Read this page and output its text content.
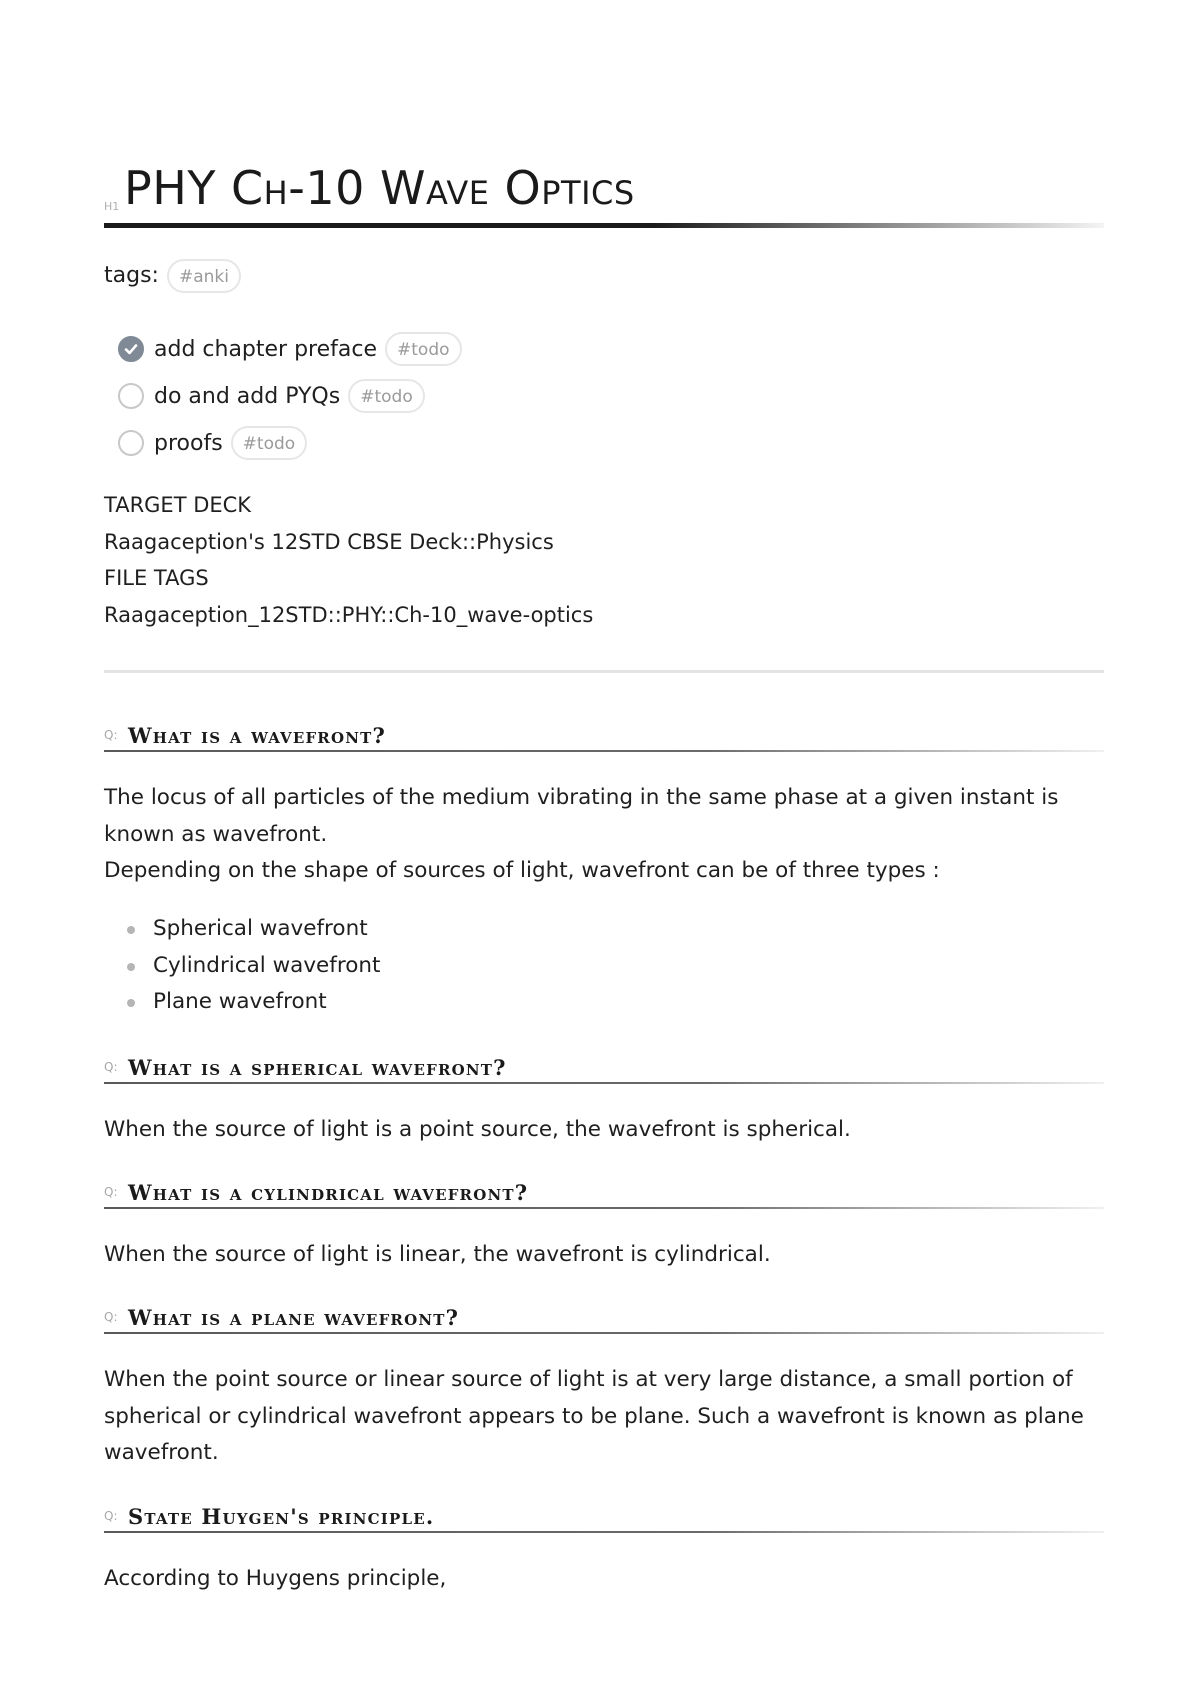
H1 PHY Ch-10 Wave Optics
tags:	#anki
add chapter preface	#todo
do and add PYQs	#todo
proofs	#todo
TARGET DECK
Raagaception's 12STD CBSE Deck::Physics
FILE TAGS
Raagaception_12STD::PHY::Ch-10_wave-optics
Q: What is a wavefront?

The locus of all particles of the medium vibrating in the same phase at a given instant is known as wavefront.

Depending on the shape of sources of light, wavefront can be of three types :

Spherical wavefront
Cylindrical wavefront
Plane wavefront
Q: What is a spherical wavefront?

When the source of light is a point source, the wavefront is spherical.

Q: What is a cylindrical wavefront?

When the source of light is linear, the wavefront is cylindrical.

Q: What is a plane wavefront?

When the point source or linear source of light is at very large distance, a small portion of spherical or cylindrical wavefront appears to be plane. Such a wavefront is known as plane wavefront.

Q: State Huygen's principle.

According to Huygens principle,
